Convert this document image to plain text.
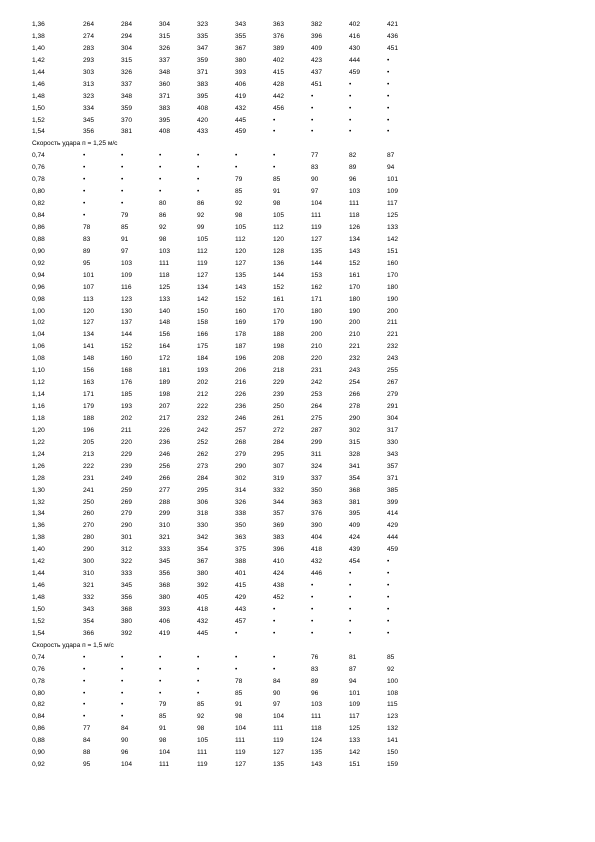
1,36	264	284	304	323	343	363	382	402	421
1,38	274	294	315	335	355	376	396	416	436
1,40	283	304	326	347	367	389	409	430	451
1,42	293	315	337	359	380	402	423	444	•
1,44	303	326	348	371	393	415	437	459	•
1,46	313	337	360	383	406	428	451	•	•
1,48	323	348	371	395	419	442	•	•	•
1,50	334	359	383	408	432	456	•	•	•
1,52	345	370	395	420	445	•	•	•	•
1,54	356	381	408	433	459	•	•	•	•
Скорость удара п = 1,25 м/с
0,74	•	•	•	•	•	•	77	82	87
0,76	•	•	•	•	•	•	83	89	94
0,78	•	•	•	•	79	85	90	96	101
0,80	•	•	•	•	85	91	97	103	109
0,82	•	•	80	86	92	98	104	111	117
0,84	•	79	86	92	98	105	111	118	125
0,86	78	85	92	99	105	112	119	126	133
0,88	83	91	98	105	112	120	127	134	142
0,90	89	97	103	112	120	128	135	143	151
0,92	95	103	111	119	127	136	144	152	160
0,94	101	109	118	127	135	144	153	161	170
0,96	107	116	125	134	143	152	162	170	180
0,98	113	123	133	142	152	161	171	180	190
1,00	120	130	140	150	160	170	180	190	200
1,02	127	137	148	158	169	179	190	200	211
1,04	134	144	156	166	178	188	200	210	221
1,06	141	152	164	175	187	198	210	221	232
1,08	148	160	172	184	196	208	220	232	243
1,10	156	168	181	193	206	218	231	243	255
1,12	163	176	189	202	216	229	242	254	267
1,14	171	185	198	212	226	239	253	266	279
1,16	179	193	207	222	236	250	264	278	291
1,18	188	202	217	232	246	261	275	290	304
1,20	196	211	226	242	257	272	287	302	317
1,22	205	220	236	252	268	284	299	315	330
1,24	213	229	246	262	279	295	311	328	343
1,26	222	239	256	273	290	307	324	341	357
1,28	231	249	266	284	302	319	337	354	371
1,30	241	259	277	295	314	332	350	368	385
1,32	250	269	288	306	326	344	363	381	399
1,34	260	279	299	318	338	357	376	395	414
1,36	270	290	310	330	350	369	390	409	429
1,38	280	301	321	342	363	383	404	424	444
1,40	290	312	333	354	375	396	418	439	459
1,42	300	322	345	367	388	410	432	454	•
1,44	310	333	356	380	401	424	446	•	•
1,46	321	345	368	392	415	438	•	•	•
1,48	332	356	380	405	429	452	•	•	•
1,50	343	368	393	418	443	•	•	•	•
1,52	354	380	406	432	457	•	•	•	•
1,54	366	392	419	445	•	•	•	•	•
Скорость удара п = 1,5 м/с
0,74	•	•	•	•	•	•	76	81	85
0,76	•	•	•	•	•	•	83	87	92
0,78	•	•	•	•	78	84	89	94	100
0,80	•	•	•	•	85	90	96	101	108
0,82	•	•	79	85	91	97	103	109	115
0,84	•	•	85	92	98	104	111	117	123
0,86	77	84	91	98	104	111	118	125	132
0,88	84	90	98	105	111	119	124	133	141
0,90	88	96	104	111	119	127	135	142	150
0,92	95	104	111	119	127	135	143	151	159
